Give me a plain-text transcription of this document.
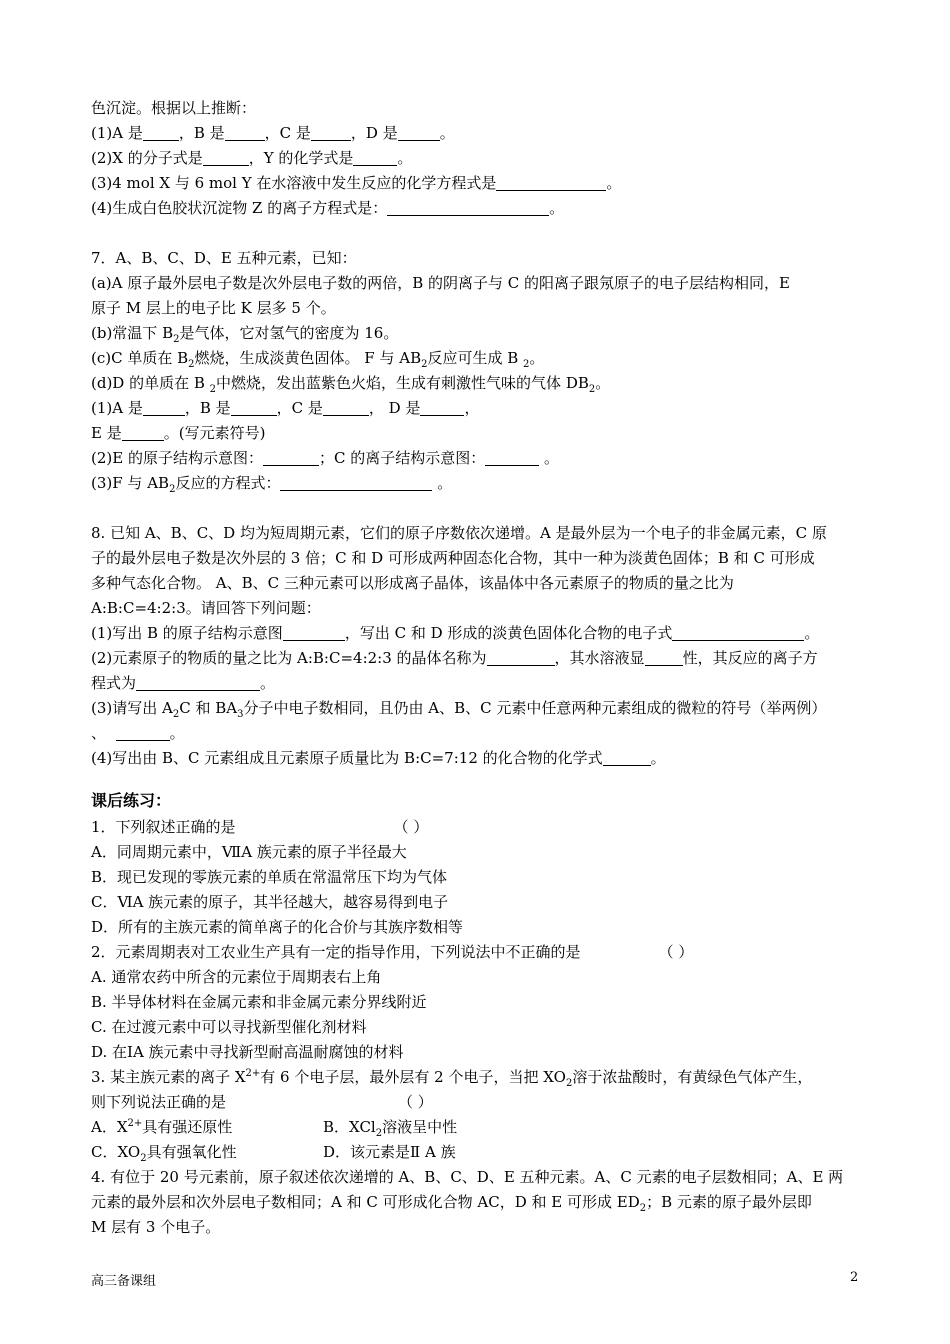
色沉淀。根据以上推断：
(1)A 是 ，B 是	，C 是	，D 是	。
(2)X 的分子式是	，Y 的化学式是	。
(3)4 mol X 与 6 mol Y 在水溶液中发生反应的化学方程式是	。
(4)生成白色胶状沉淀物 Z 的离子方程式是：	。
7．A、B、C、D、E 五种元素，已知：
(a)A 原子最外层电子数是次外层电子数的两倍，B 的阴离子与 C 的阳离子跟氖原子的电子层结构相同，E
原子 M 层上的电子比 K 层多 5 个。
(b)常温下 $B_2$是气体，它对氢气的密度为 16。
(c)C 单质在 $B_2$燃烧，生成淡黄色固体。 F 与 $AB_2$反应可生成 B $_2$。
(d)D 的单质在 B $_2$中燃烧，发出蓝紫色火焰，生成有刺激性气味的气体 $DB_2$。
(1)A 是	，B 是	，C 是	， D 是	，
E 是	。(写元素符号)
(2)E 的原子结构示意图：	；C 的离子结构示意图：	。
(3)F 与 $AB_2$反应的方程式：	。
8. 已知 A、B、C、D 均为短周期元素，它们的原子序数依次递增。A 是最外层为一个电子的非金属元素，C 原
子的最外层电子数是次外层的 3 倍；C 和 D 可形成两种固态化合物，其中一种为淡黄色固体；B 和 C 可形成
多种气态化合物。 A、B、C 三种元素可以形成离子晶体，该晶体中各元素原子的物质的量之比为
A:B:C=4:2:3。请回答下列问题：
(1)写出 B 的原子结构示意图	，写出 C 和 D 形成的淡黄色固体化合物的电子式	。
(2)元素原子的物质的量之比为 A:B:C=4:2:3 的晶体名称为	，其水溶液显	性，其反应的离子方
程式为	。
(3)请写出 $A_2C$ 和 $BA_3$分子中电子数相同，且仍由 A、B、C 元素中任意两种元素组成的微粒的符号（举两例）
、	。
(4)写出由 B、C 元素组成且元素原子质量比为 B:C=7:12 的化合物的化学式	。
课后练习：
1．下列叙述正确的是	（ ）
A．同周期元素中，ⅦA 族元素的原子半径最大
B．现已发现的零族元素的单质在常温常压下均为气体
C．ⅥA 族元素的原子，其半径越大，越容易得到电子
D．所有的主族元素的简单离子的化合价与其族序数相等
2．元素周期表对工农业生产具有一定的指导作用，下列说法中不正确的是	（ ）
A. 通常农药中所含的元素位于周期表右上角
B. 半导体材料在金属元素和非金属元素分界线附近
C. 在过渡元素中可以寻找新型催化剂材料
D. 在IA 族元素中寻找新型耐高温耐腐蚀的材料
3. 某主族元素的离子 $X^{2+}$有 6 个电子层，最外层有 2 个电子，当把 $XO_2$溶于浓盐酸时，有黄绿色气体产生，
则下列说法正确的是	（ ）
A．$X^{2+}$具有强还原性	B．XCl$_2$溶液呈中性
C．$XO_2$具有强氧化性	D．该元素是Ⅱ A 族
4. 有位于 20 号元素前，原子叙述依次递增的 A、B、C、D、E 五种元素。A、C 元素的电子层数相同；A、E 两
元素的最外层和次外层电子数相同；A 和 C 可形成化合物 AC，D 和 E 可形成 $ED_2$；B 元素的原子最外层即
M 层有 3 个电子。
高三备课组	2
